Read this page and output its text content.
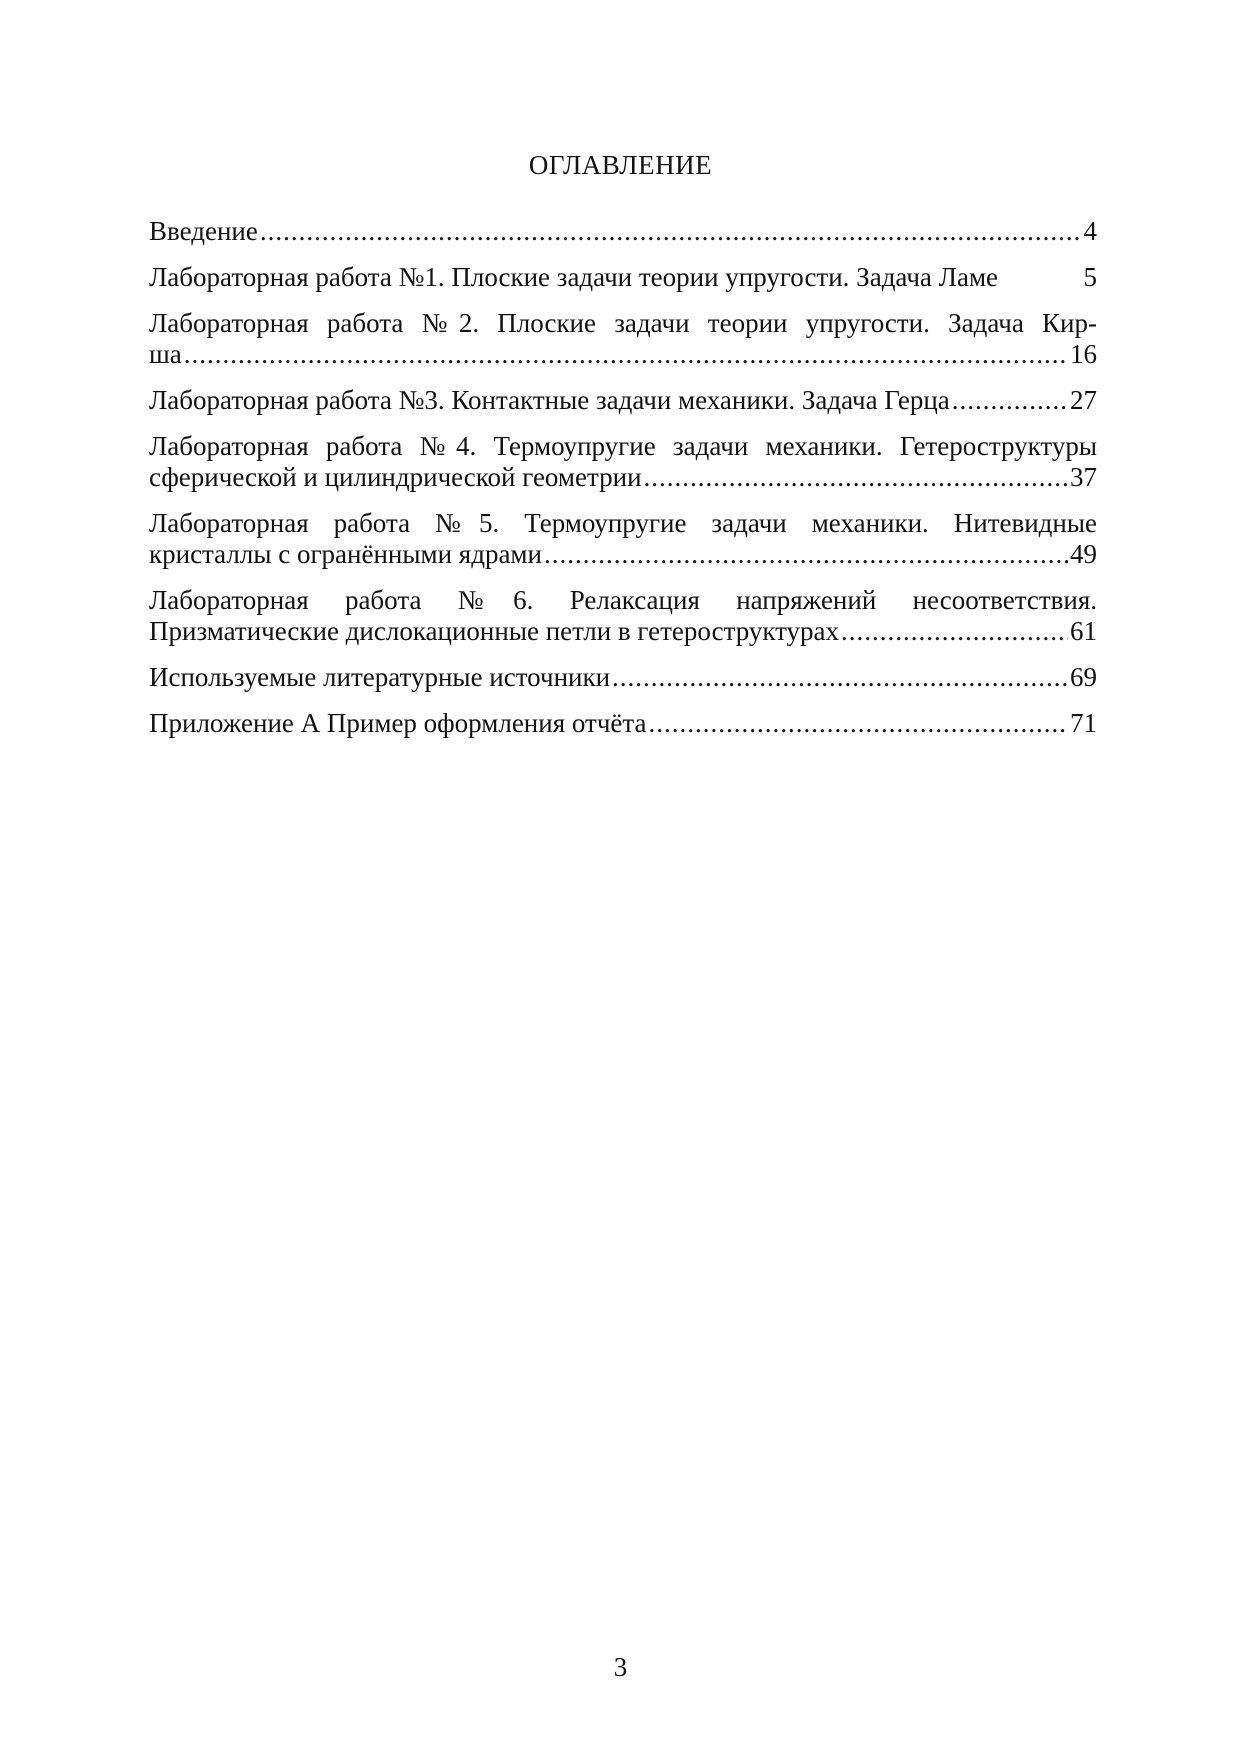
ОГЛАВЛЕНИЕ
Введение .....	4
Лабораторная работа №1. Плоские задачи теории упругости. Задача Ламе	5
Лабораторная работа №2. Плоские задачи теории упругости. Задача Кир-
ша .....	16
Лабораторная работа №3. Контактные задачи механики. Задача Герца .....	27
Лабораторная работа №4. Термоупругие задачи механики. Гетероструктуры
сферической и цилиндрической геометрии .....	37
Лабораторная работа №5. Термоупругие задачи механики. Нитевидные
кристаллы с огранёнными ядрами .....	49
Лабораторная работа №6. Релаксация напряжений несоответствия.
Призматические дислокационные петли в гетероструктурах .....	61
Используемые литературные источники .....	69
Приложение А Пример оформления отчёта .....	71
3
